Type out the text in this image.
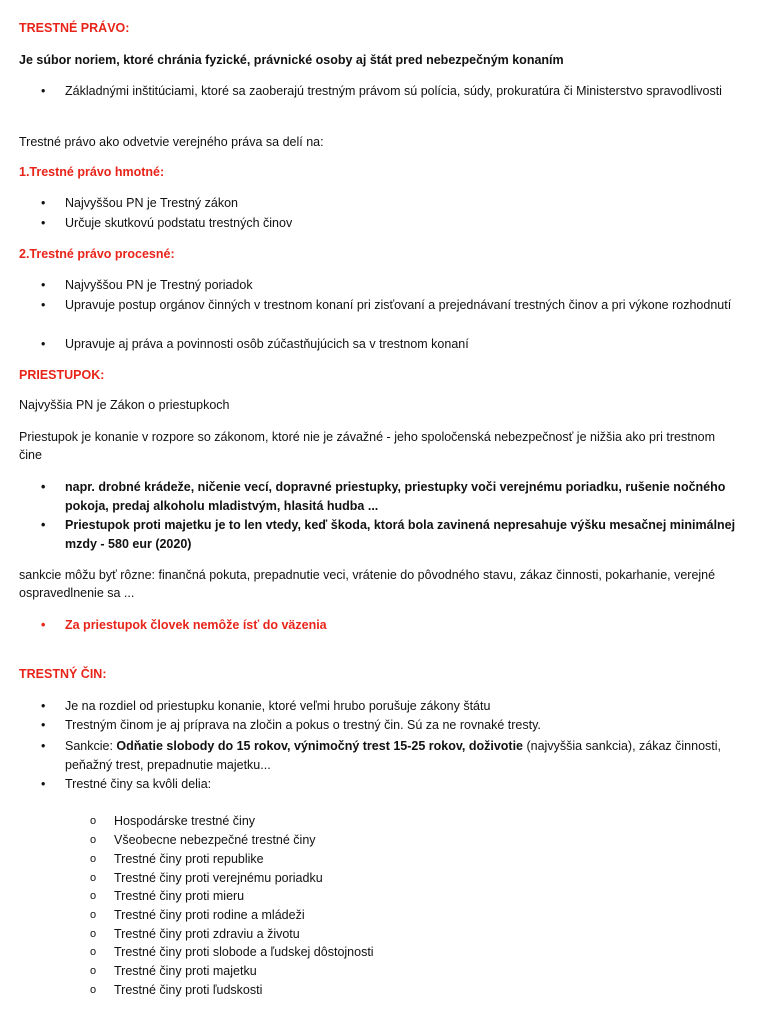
TRESTNÉ PRÁVO:
Je súbor noriem, ktoré chránia fyzické, právnické osoby aj štát pred nebezpečným konaním
• Základnými inštitúciami, ktoré sa zaoberajú trestným právom sú polícia, súdy, prokuratúra či Ministerstvo spravodlivosti
Trestné právo ako odvetvie verejného práva sa delí na:
1.Trestné právo hmotné:
• Najvyššou PN je Trestný zákon
• Určuje skutkovú podstatu trestných činov
2.Trestné právo procesné:
• Najvyššou PN je Trestný poriadok
• Upravuje postup orgánov činných v trestnom konaní pri zisťovaní a prejednávaní trestných činov a pri výkone rozhodnutí
• Upravuje aj práva a povinnosti osôb zúčastňujúcich sa v trestnom konaní
PRIESTUPOK:
Najvyššia PN je Zákon o priestupkoch
Priestupok je konanie v rozpore so zákonom, ktoré nie je závažné - jeho spoločenská nebezpečnosť je nižšia ako pri trestnom čine
• napr. drobné krádeže, ničenie vecí, dopravné priestupky, priestupky voči verejnému poriadku, rušenie nočného pokoja, predaj alkoholu mladistvým, hlasitá hudba ...
• Priestupok proti majetku je to len vtedy, keď škoda, ktorá bola zavinená nepresahuje výšku mesačnej minimálnej mzdy - 580 eur (2020)
sankcie môžu byť rôzne: finančná pokuta, prepadnutie veci, vrátenie do pôvodného stavu, zákaz činnosti, pokarhanie, verejné ospravedlnenie sa ...
• Za priestupok človek nemôže ísť do väzenia
TRESTNÝ ČIN:
• Je na rozdiel od priestupku konanie, ktoré veľmi hrubo porušuje zákony štátu
• Trestným činom je aj príprava na zločin a pokus o trestný čin. Sú za ne rovnaké tresty.
• Sankcie: Odňatie slobody do 15 rokov, výnimočný trest 15-25 rokov, doživotie (najvyššia sankcia), zákaz činnosti, peňažný trest, prepadnutie majetku...
• Trestné činy sa kvôli delia:
o Hospodárske trestné činy
o Všeobecne nebezpečné trestné činy
o Trestné činy proti republike
o Trestné činy proti verejnému poriadku
o Trestné činy proti mieru
o Trestné činy proti rodine a mládeži
o Trestné činy proti zdraviu a životu
o Trestné činy proti slobode a ľudskej dôstojnosti
o Trestné činy proti majetku
o Trestné činy proti ľudskosti
